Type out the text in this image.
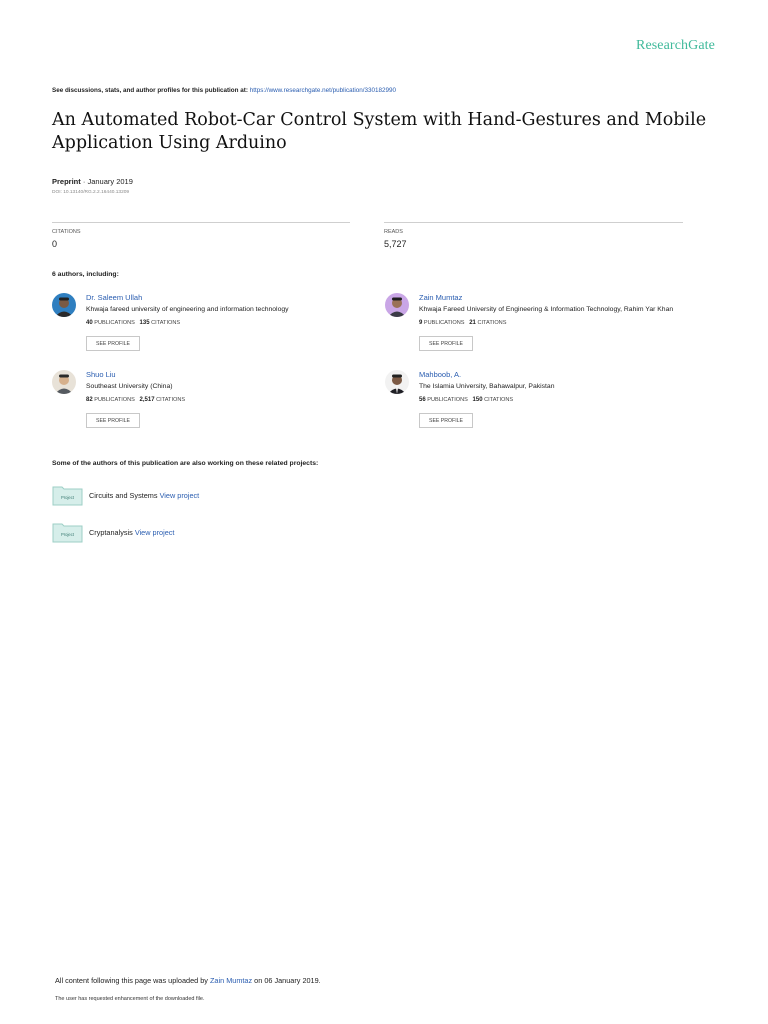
ResearchGate
See discussions, stats, and author profiles for this publication at: https://www.researchgate.net/publication/330182990
An Automated Robot-Car Control System with Hand-Gestures and Mobile Application Using Arduino
Preprint · January 2019
DOI: 10.13140/RG.2.2.16440.13209
CITATIONS
0
READS
5,727
6 authors, including:
Dr. Saleem Ullah
Khwaja fareed university of engineering and information technology
40 PUBLICATIONS 135 CITATIONS
SEE PROFILE
Zain Mumtaz
Khwaja Fareed University of Engineering & Information Technology, Rahim Yar Khan
9 PUBLICATIONS 21 CITATIONS
SEE PROFILE
Shuo Liu
Southeast University (China)
82 PUBLICATIONS 2,517 CITATIONS
SEE PROFILE
Mahboob, A.
The Islamia University, Bahawalpur, Pakistan
56 PUBLICATIONS 150 CITATIONS
SEE PROFILE
Some of the authors of this publication are also working on these related projects:
Project Circuits and Systems View project
Project Cryptanalysis View project
All content following this page was uploaded by Zain Mumtaz on 06 January 2019.
The user has requested enhancement of the downloaded file.
